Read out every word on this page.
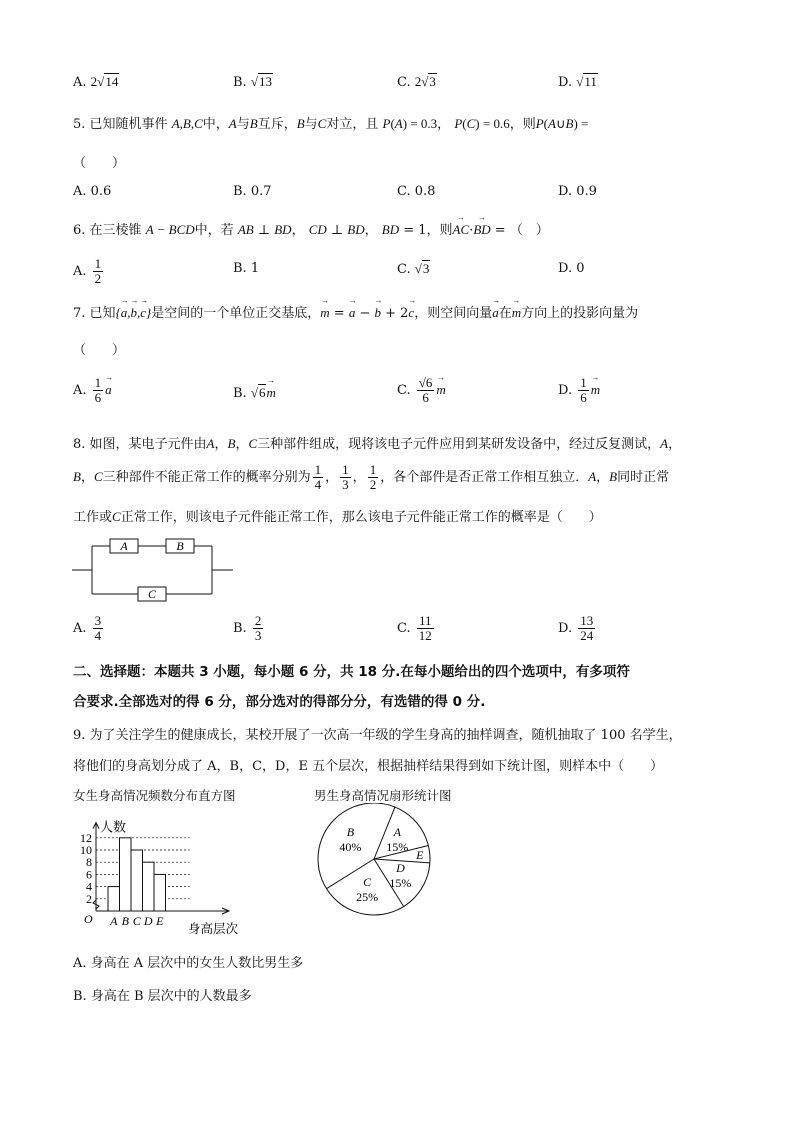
A. 2√14	B. √13	C. 2√3	D. √11
5. 已知随机事件 A,B,C中，A与B互斥，B与C对立，且 P(A) = 0.3， P(C) = 0.6，则P(A∪B) =
（　　）
A. 0.6	B. 0.7	C. 0.8	D. 0.9
6. 在三棱锥 A − BCD中，若 AB ⊥ BD， CD ⊥ BD， BD = 1，则→ AC·→ BD = （　）
A. $\frac{1}{2}$	B. 1	C. √3	D. 0
7. 已知{→ a,→ b,→ c}是空间的一个单位正交基底，→ m = → a − → b + 2→ c，则空间向量→ a在→ m方向上的投影向量为
（　　）
A. $\frac{1}{6}$
→ a	B. √6→ m	C. $\frac{√6}{6}$
→ m	D. $\frac{1}{6}$
→ m
8. 如图，某电子元件由A，B，C三种部件组成，现将该电子元件应用到某研发设备中，经过反复测试，A，
B，C三种部件不能正常工作的概率分别为 $\frac{1}{4}$ ， $\frac{1}{3}$ ， $\frac{1}{2}$ ，各个部件是否正常工作相互独立．A，B同时正常
工作或C正常工作，则该电子元件能正常工作，那么该电子元件能正常工作的概率是（　　）
A	B
C
A. $\frac{3}{4}$	B. $\frac{2}{3}$	C. $\frac{11}{12}$	D. $\frac{13}{24}$
二、选择题：本题共 3 小题，每小题 6 分，共 18 分.在每小题给出的四个选项中，有多项符
合要求.全部选对的得 6 分，部分选对的得部分分，有选错的得 0 分.
9. 为了关注学生的健康成长，某校开展了一次高一年级的学生身高的抽样调查，随机抽取了 100 名学生，
将他们的身高划分成了 A，B，C，D，E 五个层次，根据抽样结果得到如下统计图，则样本中（　　）
女生身高情况频数分布直方图
人数
O
身高层次
2
4
6
8
10
12
A B C D E
男生身高情况扇形统计图
A
15%
E
D
15%
C
25%
B
40%
A. 身高在 A 层次中的女生人数比男生多
B. 身高在 B 层次中的人数最多
